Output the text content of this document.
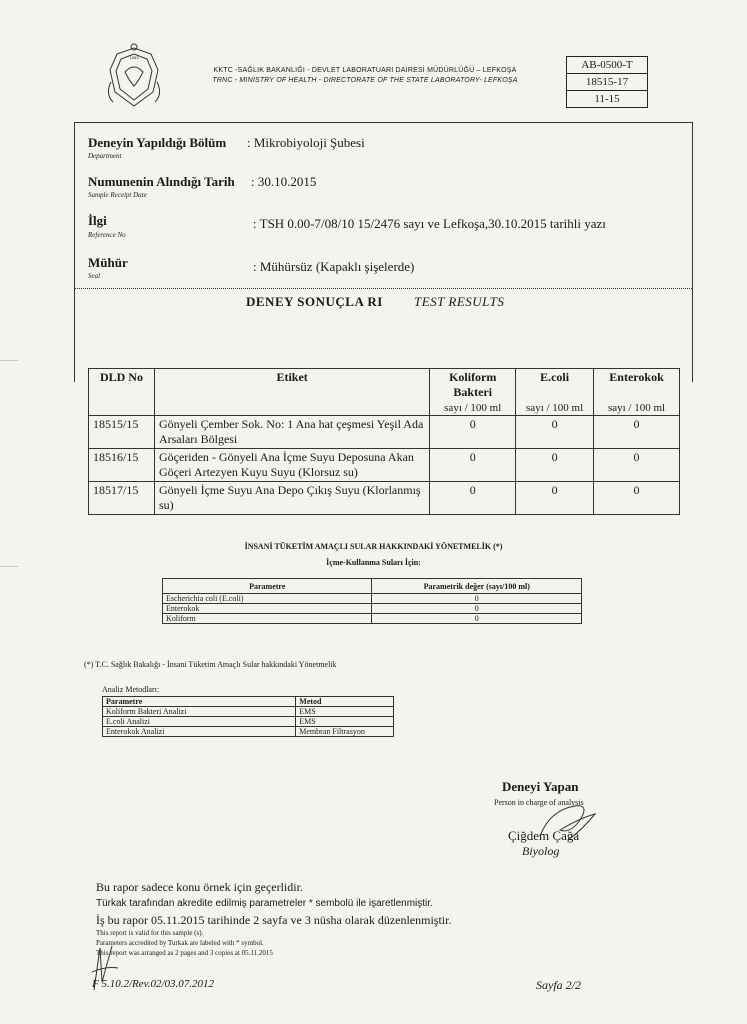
1983
KKTC -SAĞLIK BAKANLIĞI - DEVLET LABORATUARI DAİRESİ MÜDÜRLÜĞÜ – LEFKOŞA
TRNC - MINISTRY OF HEALTH - DIRECTORATE OF THE STATE LABORATORY- LEFKOŞA
AB-0500-T
18515-17
11-15
Deneyin Yapıldığı Bölüm
Department
: Mikrobiyoloji Şubesi
Numunenin Alındığı Tarih
Sample Receipt Date
: 30.10.2015
İlgi
Reference No
: TSH 0.00-7/08/10 15/2476 sayı ve Lefkoşa,30.10.2015 tarihli yazı
Mühür
Seal
: Mühürsüz (Kapaklı şişelerde)
DENEY SONUÇLA RI TEST RESULTS
DLD No	Etiket	Koliform Bakteri	E.coli	Enterokok
		sayı / 100 ml	sayı / 100 ml	sayı / 100 ml
18515/15	Gönyeli Çember Sok. No: 1 Ana hat çeşmesi Yeşil Ada Arsaları Bölgesi	0	0	0
18516/15	Göçeriden - Gönyeli Ana İçme Suyu Deposuna Akan Göçeri Artezyen Kuyu Suyu (Klorsuz su)	0	0	0
18517/15	Gönyeli İçme Suyu Ana Depo Çıkış Suyu (Klorlanmış su)	0	0	0
İNSANİ TÜKETİM AMAÇLI SULAR HAKKINDAKİ YÖNETMELİK (*)
İçme-Kullanma Suları İçin:
Parametre	Parametrik değer (sayı/100 ml)
Escherichia coli (E.coli)	0
Enterokok	0
Koliform	0
(*) T.C. Sağlık Bakalığı - İnsani Tüketim Amaçlı Sular hakkındaki Yönetmelik
Analiz Metodları:
Parametre	Metod
Koliform Bakteri Analizi	EMS
E.coli Analizi	EMS
Enterokok Analizi	Membran Filtrasyon
Deneyi Yapan
Person in charge of analysis
Çiğdem Çağa
Biyolog
Bu rapor sadece konu örnek için geçerlidir.
Türkak tarafından akredite edilmiş parametreler * sembolü ile işaretlenmiştir.
İş bu rapor 05.11.2015 tarihinde 2 sayfa ve 3 nüsha olarak düzenlenmiştir.
This report is valid for this sample (s).
Parameters accredited by Turkak are labeled with * symbol.
This report was arranged as 2 pages and 3 copies at 05.11.2015
F 5.10.2/Rev.02/03.07.2012	Sayfa 2/2
